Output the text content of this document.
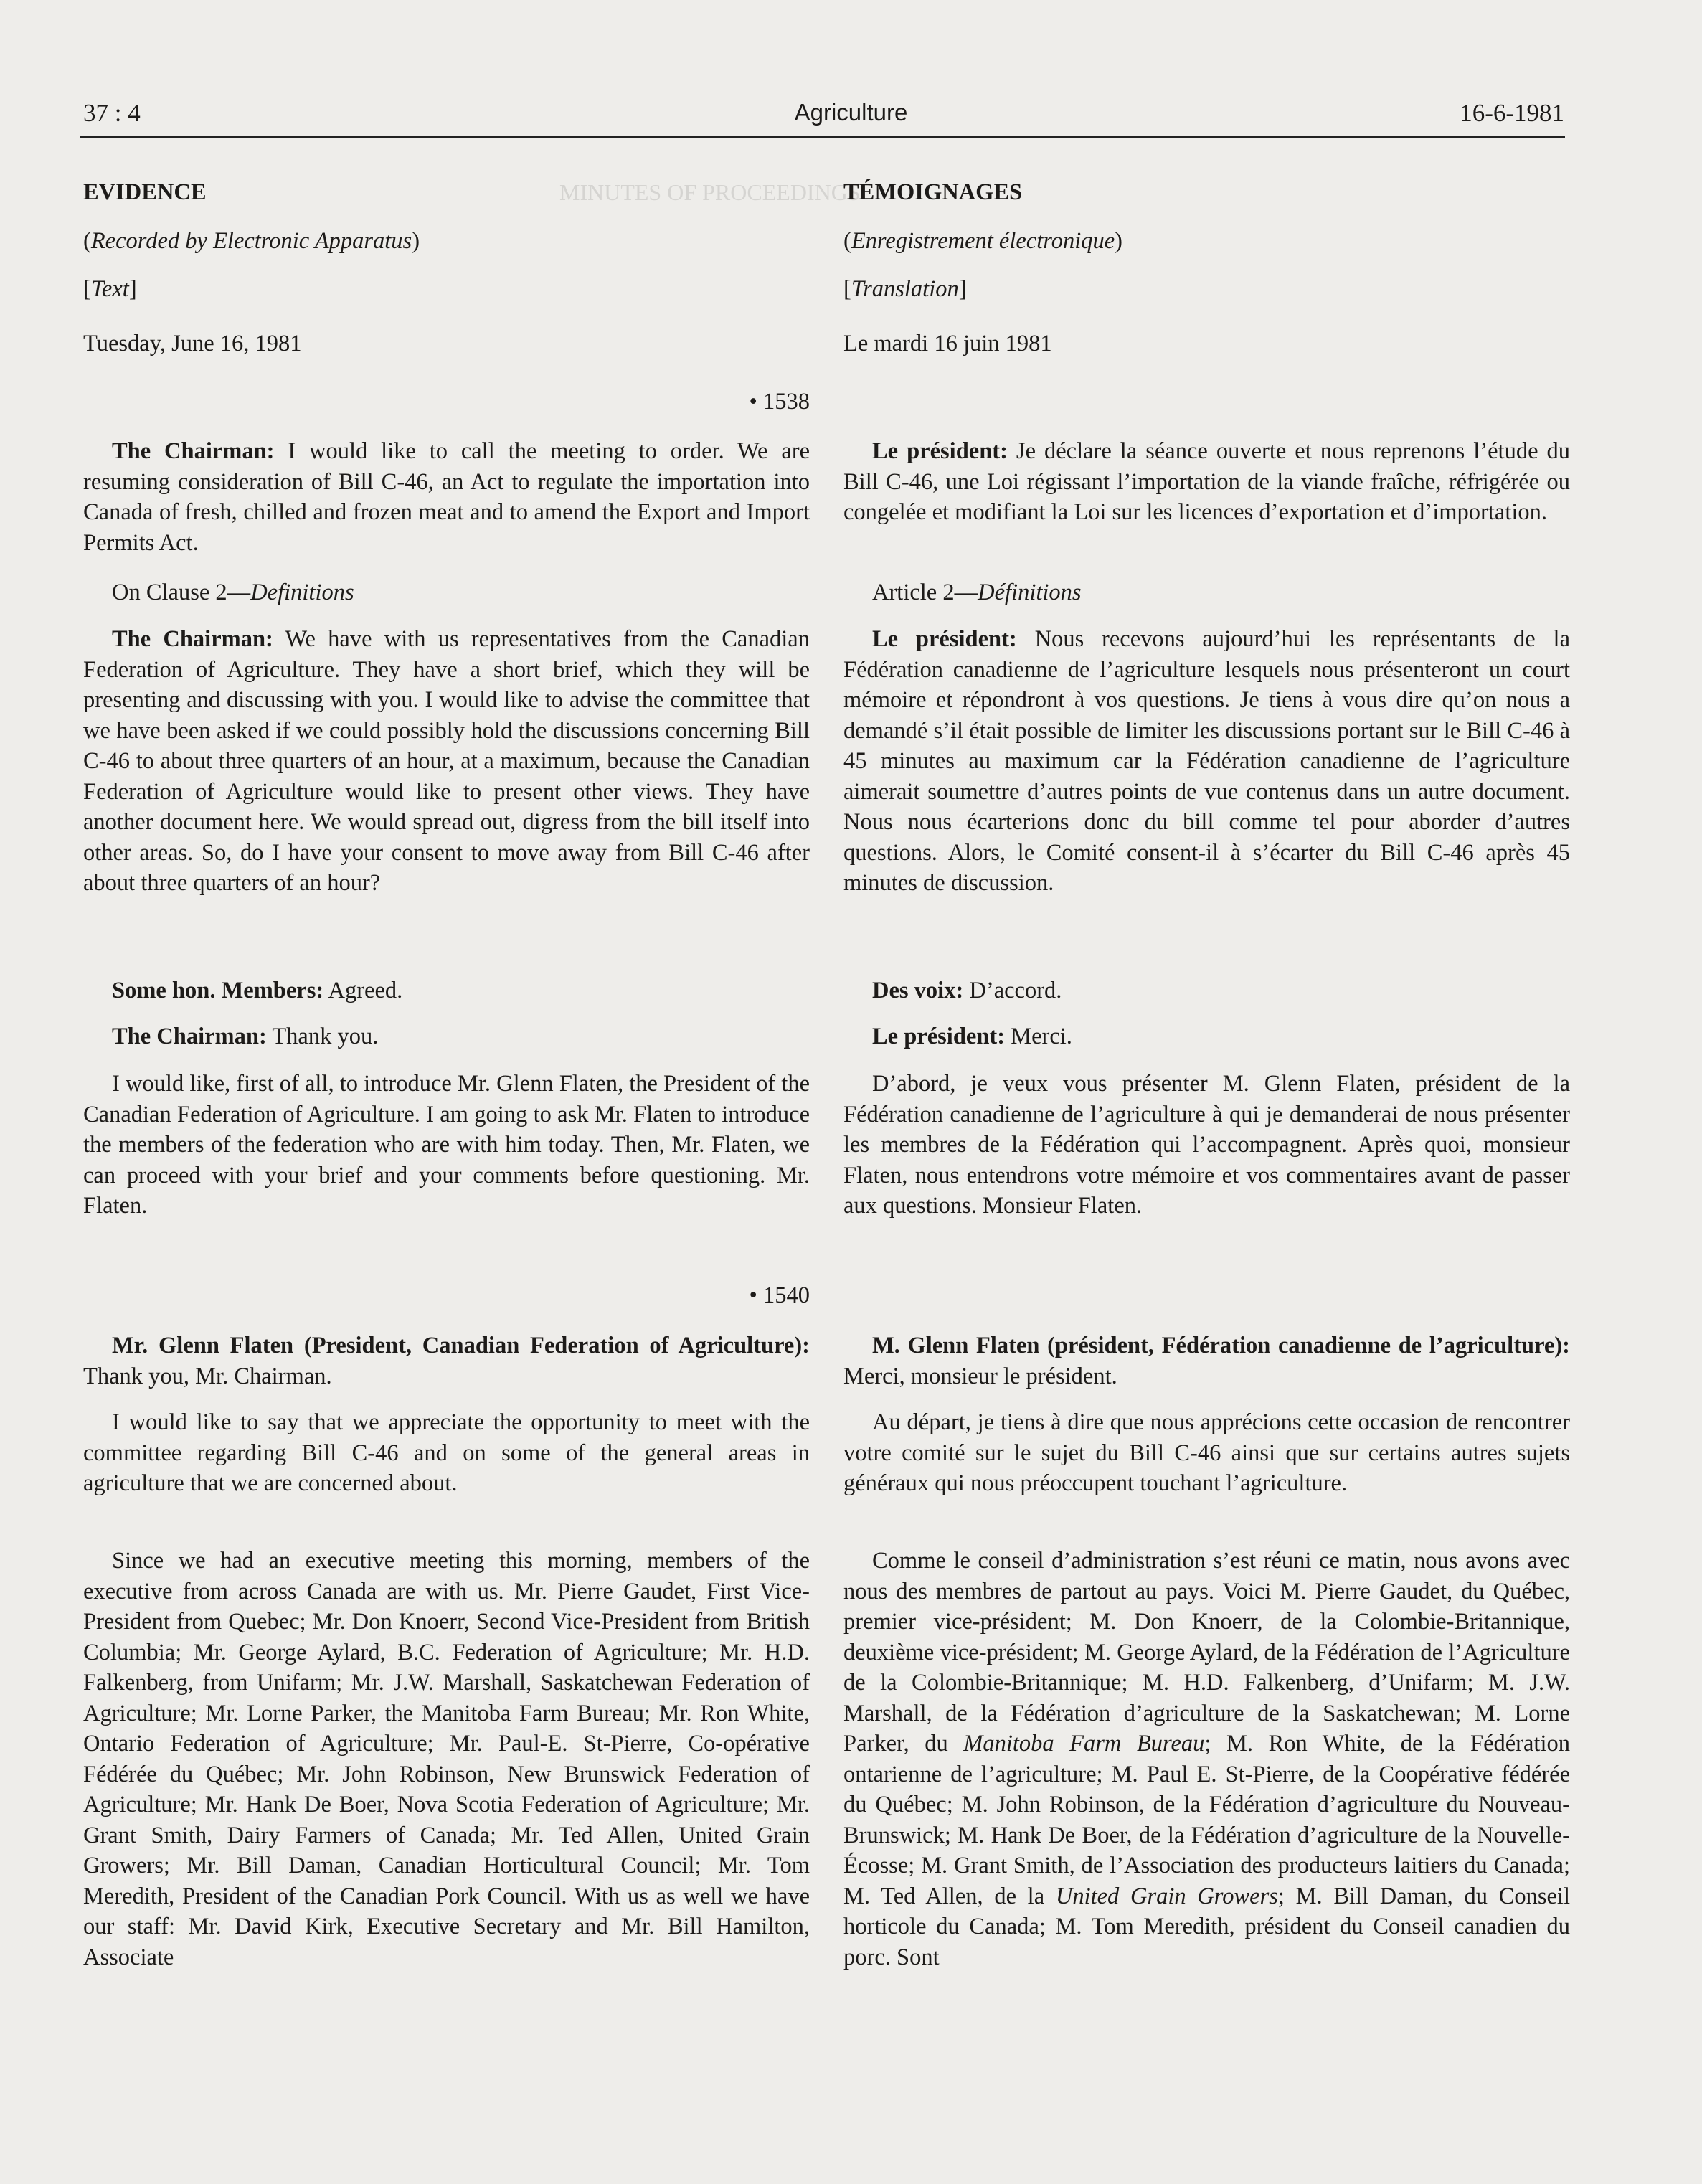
MINUTES OF PROCEEDINGS
37 : 4	Agriculture	16-6-1981
EVIDENCE
(Recorded by Electronic Apparatus)
[Text]
Tuesday, June 16, 1981
• 1538

The Chairman: I would like to call the meeting to order. We are resuming consideration of Bill C-46, an Act to regulate the importation into Canada of fresh, chilled and frozen meat and to amend the Export and Import Permits Act.

On Clause 2—Definitions

The Chairman: We have with us representatives from the Canadian Federation of Agriculture. They have a short brief, which they will be presenting and discussing with you. I would like to advise the committee that we have been asked if we could possibly hold the discussions concerning Bill C-46 to about three quarters of an hour, at a maximum, because the Canadian Federation of Agriculture would like to present other views. They have another document here. We would spread out, digress from the bill itself into other areas. So, do I have your consent to move away from Bill C-46 after about three quarters of an hour?

Some hon. Members: Agreed.

The Chairman: Thank you.

I would like, first of all, to introduce Mr. Glenn Flaten, the President of the Canadian Federation of Agriculture. I am going to ask Mr. Flaten to introduce the members of the federation who are with him today. Then, Mr. Flaten, we can proceed with your brief and your comments before questioning. Mr. Flaten.

• 1540

Mr. Glenn Flaten (President, Canadian Federation of Agriculture): Thank you, Mr. Chairman.

I would like to say that we appreciate the opportunity to meet with the committee regarding Bill C-46 and on some of the general areas in agriculture that we are concerned about.

Since we had an executive meeting this morning, members of the executive from across Canada are with us. Mr. Pierre Gaudet, First Vice-President from Quebec; Mr. Don Knoerr, Second Vice-President from British Columbia; Mr. George Aylard, B.C. Federation of Agriculture; Mr. H.D. Falkenberg, from Unifarm; Mr. J.W. Marshall, Saskatchewan Federation of Agriculture; Mr. Lorne Parker, the Manitoba Farm Bureau; Mr. Ron White, Ontario Federation of Agriculture; Mr. Paul-E. St-Pierre, Co-opérative Fédérée du Québec; Mr. John Robinson, New Brunswick Federation of Agriculture; Mr. Hank De Boer, Nova Scotia Federation of Agriculture; Mr. Grant Smith, Dairy Farmers of Canada; Mr. Ted Allen, United Grain Growers; Mr. Bill Daman, Canadian Horticultural Council; Mr. Tom Meredith, President of the Canadian Pork Council. With us as well we have our staff: Mr. David Kirk, Executive Secretary and Mr. Bill Hamilton, Associate

TÉMOIGNAGES
(Enregistrement électronique)
[Translation]
Le mardi 16 juin 1981

Le président: Je déclare la séance ouverte et nous reprenons l’étude du Bill C-46, une Loi régissant l’importation de la viande fraîche, réfrigérée ou congelée et modifiant la Loi sur les licences d’exportation et d’importation.

Article 2—Définitions

Le président: Nous recevons aujourd’hui les représentants de la Fédération canadienne de l’agriculture lesquels nous présenteront un court mémoire et répondront à vos questions. Je tiens à vous dire qu’on nous a demandé s’il était possible de limiter les discussions portant sur le Bill C-46 à 45 minutes au maximum car la Fédération canadienne de l’agriculture aimerait soumettre d’autres points de vue contenus dans un autre document. Nous nous écarterions donc du bill comme tel pour aborder d’autres questions. Alors, le Comité consent-il à s’écarter du Bill C-46 après 45 minutes de discussion.

Des voix: D’accord.

Le président: Merci.

D’abord, je veux vous présenter M. Glenn Flaten, président de la Fédération canadienne de l’agriculture à qui je demanderai de nous présenter les membres de la Fédération qui l’accompagnent. Après quoi, monsieur Flaten, nous entendrons votre mémoire et vos commentaires avant de passer aux questions. Monsieur Flaten.

M. Glenn Flaten (président, Fédération canadienne de l’agriculture): Merci, monsieur le président.

Au départ, je tiens à dire que nous apprécions cette occasion de rencontrer votre comité sur le sujet du Bill C-46 ainsi que sur certains autres sujets généraux qui nous préoccupent touchant l’agriculture.

Comme le conseil d’administration s’est réuni ce matin, nous avons avec nous des membres de partout au pays. Voici M. Pierre Gaudet, du Québec, premier vice-président; M. Don Knoerr, de la Colombie-Britannique, deuxième vice-président; M. George Aylard, de la Fédération de l’Agriculture de la Colombie-Britannique; M. H.D. Falkenberg, d’Unifarm; M. J.W. Marshall, de la Fédération d’agriculture de la Saskatchewan; M. Lorne Parker, du Manitoba Farm Bureau; M. Ron White, de la Fédération ontarienne de l’agriculture; M. Paul E. St-Pierre, de la Coopérative fédérée du Québec; M. John Robinson, de la Fédération d’agriculture du Nouveau-Brunswick; M. Hank De Boer, de la Fédération d’agriculture de la Nouvelle-Écosse; M. Grant Smith, de l’Association des producteurs laitiers du Canada; M. Ted Allen, de la United Grain Growers; M. Bill Daman, du Conseil horticole du Canada; M. Tom Meredith, président du Conseil canadien du porc. Sont
